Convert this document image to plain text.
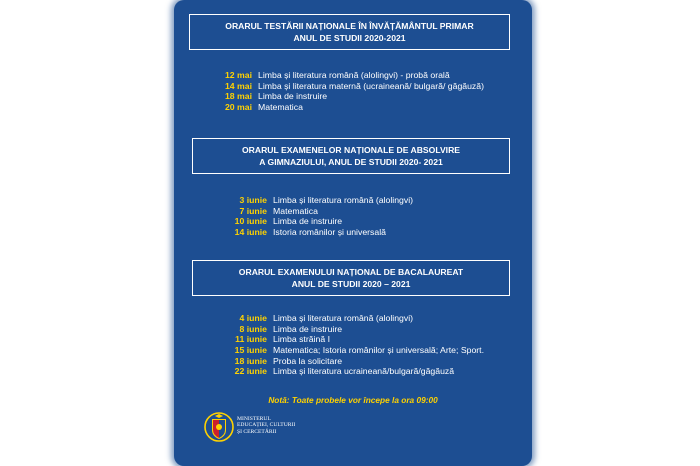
ORARUL TESTĂRII NAȚIONALE ÎN ÎNVĂȚĂMÂNTUL PRIMAR
ANUL DE STUDII 2020-2021
12 mai Limba și literatura română (alolingvi) - probă orală
14 mai Limba și literatura maternă (ucraineană/ bulgară/ găgăuză)
18 mai Limba de instruire
20 mai Matematica
ORARUL EXAMENELOR NAȚIONALE DE ABSOLVIRE
A GIMNAZIULUI, ANUL DE STUDII 2020- 2021
3 iunie Limba și literatura română (alolingvi)
7 iunie Matematica
10 iunie Limba de instruire
14 iunie Istoria românilor și universală
ORARUL EXAMENULUI NAȚIONAL DE BACALAUREAT
ANUL DE STUDII 2020 – 2021
4 iunie Limba și literatura română (alolingvi)
8 iunie Limba de instruire
11 iunie Limba străină I
15 iunie Matematica; Istoria românilor și universală; Arte; Sport.
18 iunie Proba la solicitare
22 iunie Limba și literatura ucraineană/bulgară/găgăuză
Notă: Toate probele vor începe la ora 09:00
MINISTERUL
EDUCAȚIEI, CULTURII
ȘI CERCETĂRII
